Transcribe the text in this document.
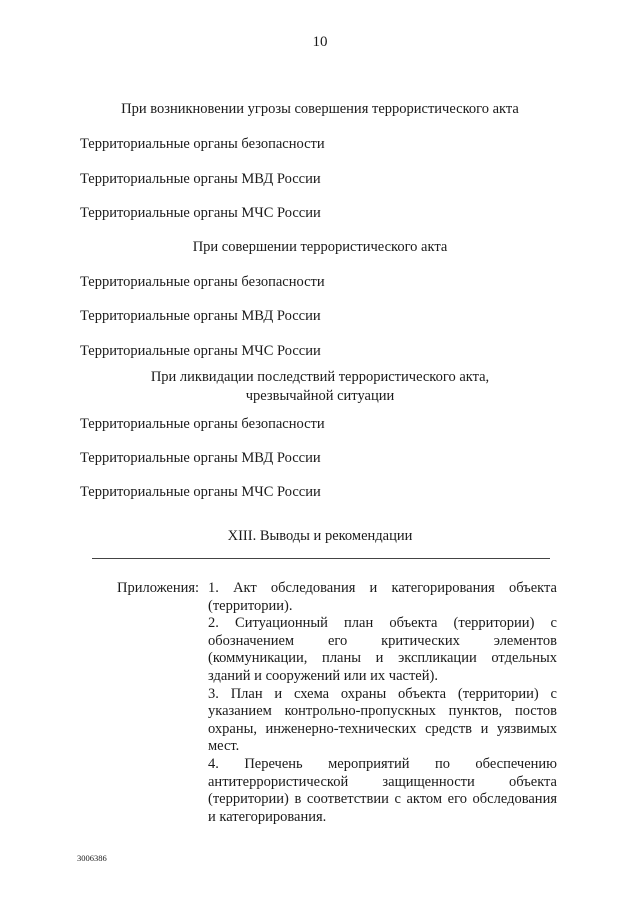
10
При возникновении угрозы совершения террористического акта
Территориальные органы безопасности
Территориальные органы МВД России
Территориальные органы МЧС России
При совершении террористического акта
Территориальные органы безопасности
Территориальные органы МВД России
Территориальные органы МЧС России
При ликвидации последствий террористического акта,
чрезвычайной ситуации
Территориальные органы безопасности
Территориальные органы МВД России
Территориальные органы МЧС России
XIII. Выводы и рекомендации
Приложения: 1. Акт обследования и категорирования объекта
(территории).
2. Ситуационный план объекта (территории) с
обозначением его критических элементов
(коммуникации, планы и экспликации отдельных
зданий и сооружений или их частей).
3. План и схема охраны объекта (территории) с
указанием контрольно-пропускных пунктов, постов
охраны, инженерно-технических средств и уязвимых
мест.
4. Перечень мероприятий по обеспечению
антитеррористической защищенности объекта
(территории) в соответствии с актом его обследования
и категорирования.
3006386
